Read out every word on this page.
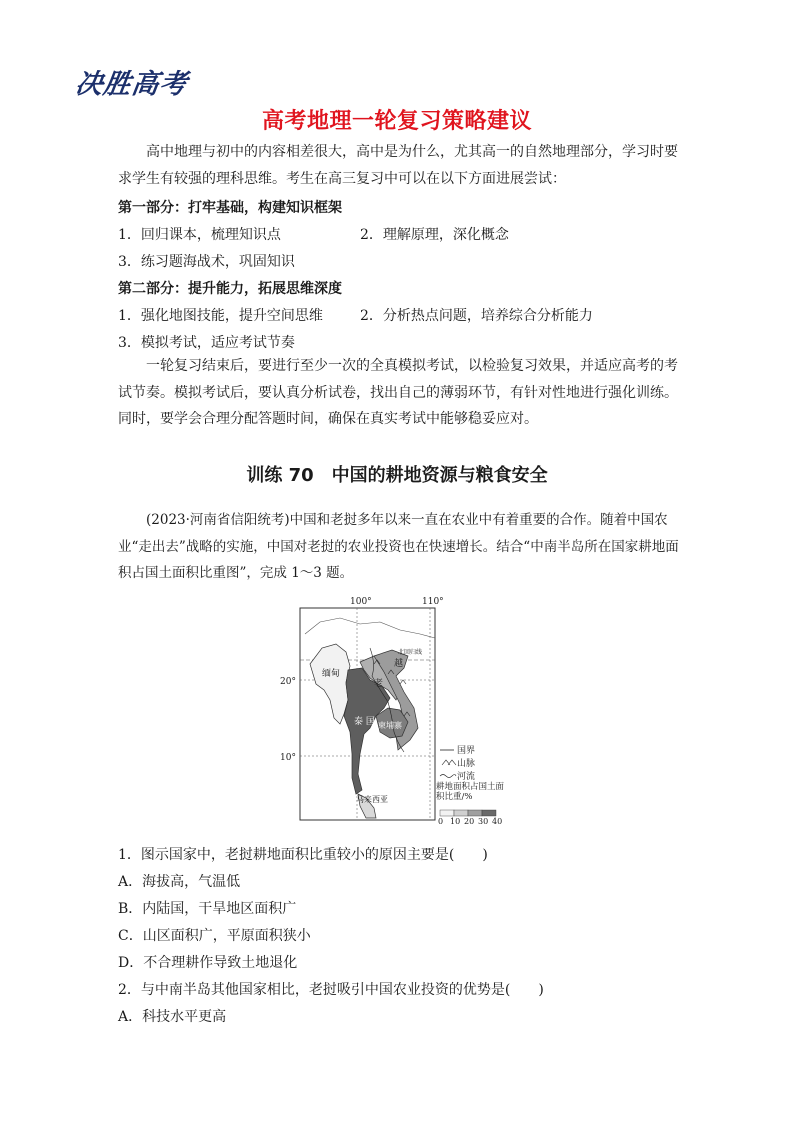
决胜高考
高考地理一轮复习策略建议
高中地理与初中的内容相差很大，高中是为什么，尤其高一的自然地理部分，学习时要求学生有较强的理科思维。考生在高三复习中可以在以下方面进展尝试：
第一部分：打牢基础，构建知识框架
1．回归课本，梳理知识点	2．理解原理，深化概念
3．练习题海战术，巩固知识
第二部分：提升能力，拓展思维深度
1．强化地图技能，提升空间思维	2．分析热点问题，培养综合分析能力
3．模拟考试，适应考试节奏
一轮复习结束后，要进行至少一次的全真模拟考试，以检验复习效果，并适应高考的考试节奏。模拟考试后，要认真分析试卷，找出自己的薄弱环节，有针对性地进行强化训练。同时，要学会合理分配答题时间，确保在真实考试中能够稳妥应对。
训练 70　中国的耕地资源与粮食安全
(2023·河南省信阳统考)中国和老挝多年以来一直在农业中有着重要的合作。随着中国农业“走出去”战略的实施，中国对老挝的农业投资也在快速增长。结合“中南半岛所在国家耕地面积占国土面积比重图”，完成 1～3 题。
100°	110°
20°
10°
缅甸
老
越
泰 国 柬埔寨
马来西亚
北回归线
国界
山脉
河流
耕地面积占国土面积比重/%
0 10 20 30 40
1．图示国家中，老挝耕地面积比重较小的原因主要是(　　)
A．海拔高，气温低
B．内陆国，干旱地区面积广
C．山区面积广，平原面积狭小
D．不合理耕作导致土地退化
2．与中南半岛其他国家相比，老挝吸引中国农业投资的优势是(　　)
A．科技水平更高
